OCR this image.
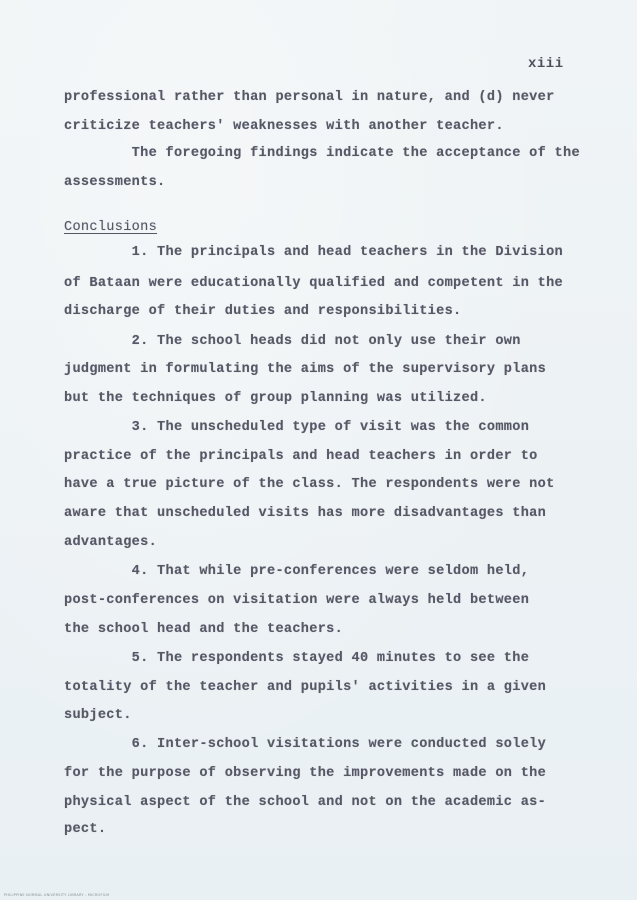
xiii
professional rather than personal in nature, and (d) never
criticize teachers' weaknesses with another teacher.
The foregoing findings indicate the acceptance of the
assessments.
Conclusions
1. The principals and head teachers in the Division
of Bataan were educationally qualified and competent in the
discharge of their duties and responsibilities.
2. The school heads did not only use their own
judgment in formulating the aims of the supervisory plans
but the techniques of group planning was utilized.
3. The unscheduled type of visit was the common
practice of the principals and head teachers in order to
have a true picture of the class. The respondents were not
aware that unscheduled visits has more disadvantages than
advantages.
4. That while pre-conferences were seldom held,
post-conferences on visitation were always held between
the school head and the teachers.
5. The respondents stayed 40 minutes to see the
totality of the teacher and pupils' activities in a given
subject.
6. Inter-school visitations were conducted solely
for the purpose of observing the improvements made on the
physical aspect of the school and not on the academic as-
pect.
PHILIPPINE NORMAL UNIVERSITY LIBRARY - MICROFILM
